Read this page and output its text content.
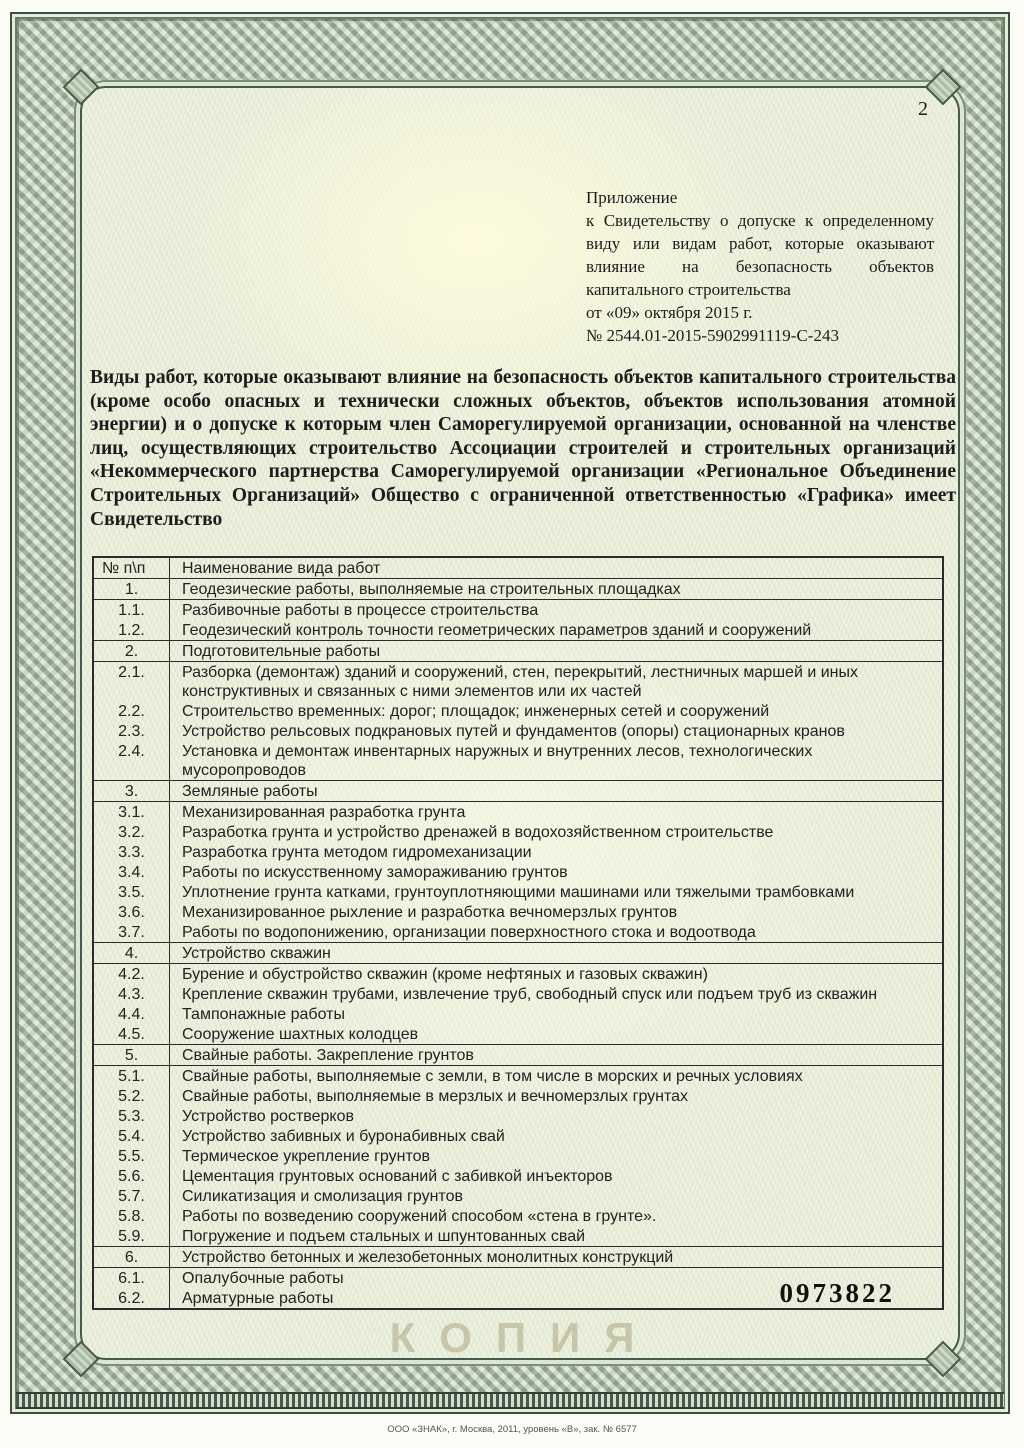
2
Приложение
к Свидетельству о допуске к определенному виду или видам работ, которые оказывают влияние на безопасность объектов капитального строительства
от «09» октября 2015 г.
№ 2544.01-2015-5902991119-С-243

Виды работ, которые оказывают влияние на безопасность объектов капитального строительства (кроме особо опасных и технически сложных объектов, объектов использования атомной энергии) и о допуске к которым член Саморегулируемой организации, основанной на членстве лиц, осуществляющих строительство Ассоциации строителей и строительных организаций «Некоммерческого партнерства Саморегулируемой организации «Региональное Объединение Строительных Организаций» Общество с ограниченной ответственностью «Графика» имеет Свидетельство

№ п\п	Наименование вида работ
1.	Геодезические работы, выполняемые на строительных площадках
1.1.	Разбивочные работы в процессе строительства
1.2.	Геодезический контроль точности геометрических параметров зданий и сооружений
2.	Подготовительные работы
2.1.	Разборка (демонтаж) зданий и сооружений, стен, перекрытий, лестничных маршей и иных конструктивных и связанных с ними элементов или их частей
2.2.	Строительство временных: дорог; площадок; инженерных сетей и сооружений
2.3.	Устройство рельсовых подкрановых путей и фундаментов (опоры) стационарных кранов
2.4.	Установка и демонтаж инвентарных наружных и внутренних лесов, технологических мусоропроводов
3.	Земляные работы
3.1.	Механизированная разработка грунта
3.2.	Разработка грунта и устройство дренажей в водохозяйственном строительстве
3.3.	Разработка грунта методом гидромеханизации
3.4.	Работы по искусственному замораживанию грунтов
3.5.	Уплотнение грунта катками, грунтоуплотняющими машинами или тяжелыми трамбовками
3.6.	Механизированное рыхление и разработка вечномерзлых грунтов
3.7.	Работы по водопонижению, организации поверхностного стока и водоотвода
4.	Устройство скважин
4.2.	Бурение и обустройство скважин (кроме нефтяных и газовых скважин)
4.3.	Крепление скважин трубами, извлечение труб, свободный спуск или подъем труб из скважин
4.4.	Тампонажные работы
4.5.	Сооружение шахтных колодцев
5.	Свайные работы. Закрепление грунтов
5.1.	Свайные работы, выполняемые с земли, в том числе в морских и речных условиях
5.2.	Свайные работы, выполняемые в мерзлых и вечномерзлых грунтах
5.3.	Устройство ростверков
5.4.	Устройство забивных и буронабивных свай
5.5.	Термическое укрепление грунтов
5.6.	Цементация грунтовых оснований с забивкой инъекторов
5.7.	Силикатизация и смолизация грунтов
5.8.	Работы по возведению сооружений способом «стена в грунте».
5.9.	Погружение и подъем стальных и шпунтованных свай
6.	Устройство бетонных и железобетонных монолитных конструкций
6.1.	Опалубочные работы
6.2.	Арматурные работы	0973822
КОПИЯ
ООО «ЗНАК», г. Москва, 2011, уровень «В», зак. № 6577
